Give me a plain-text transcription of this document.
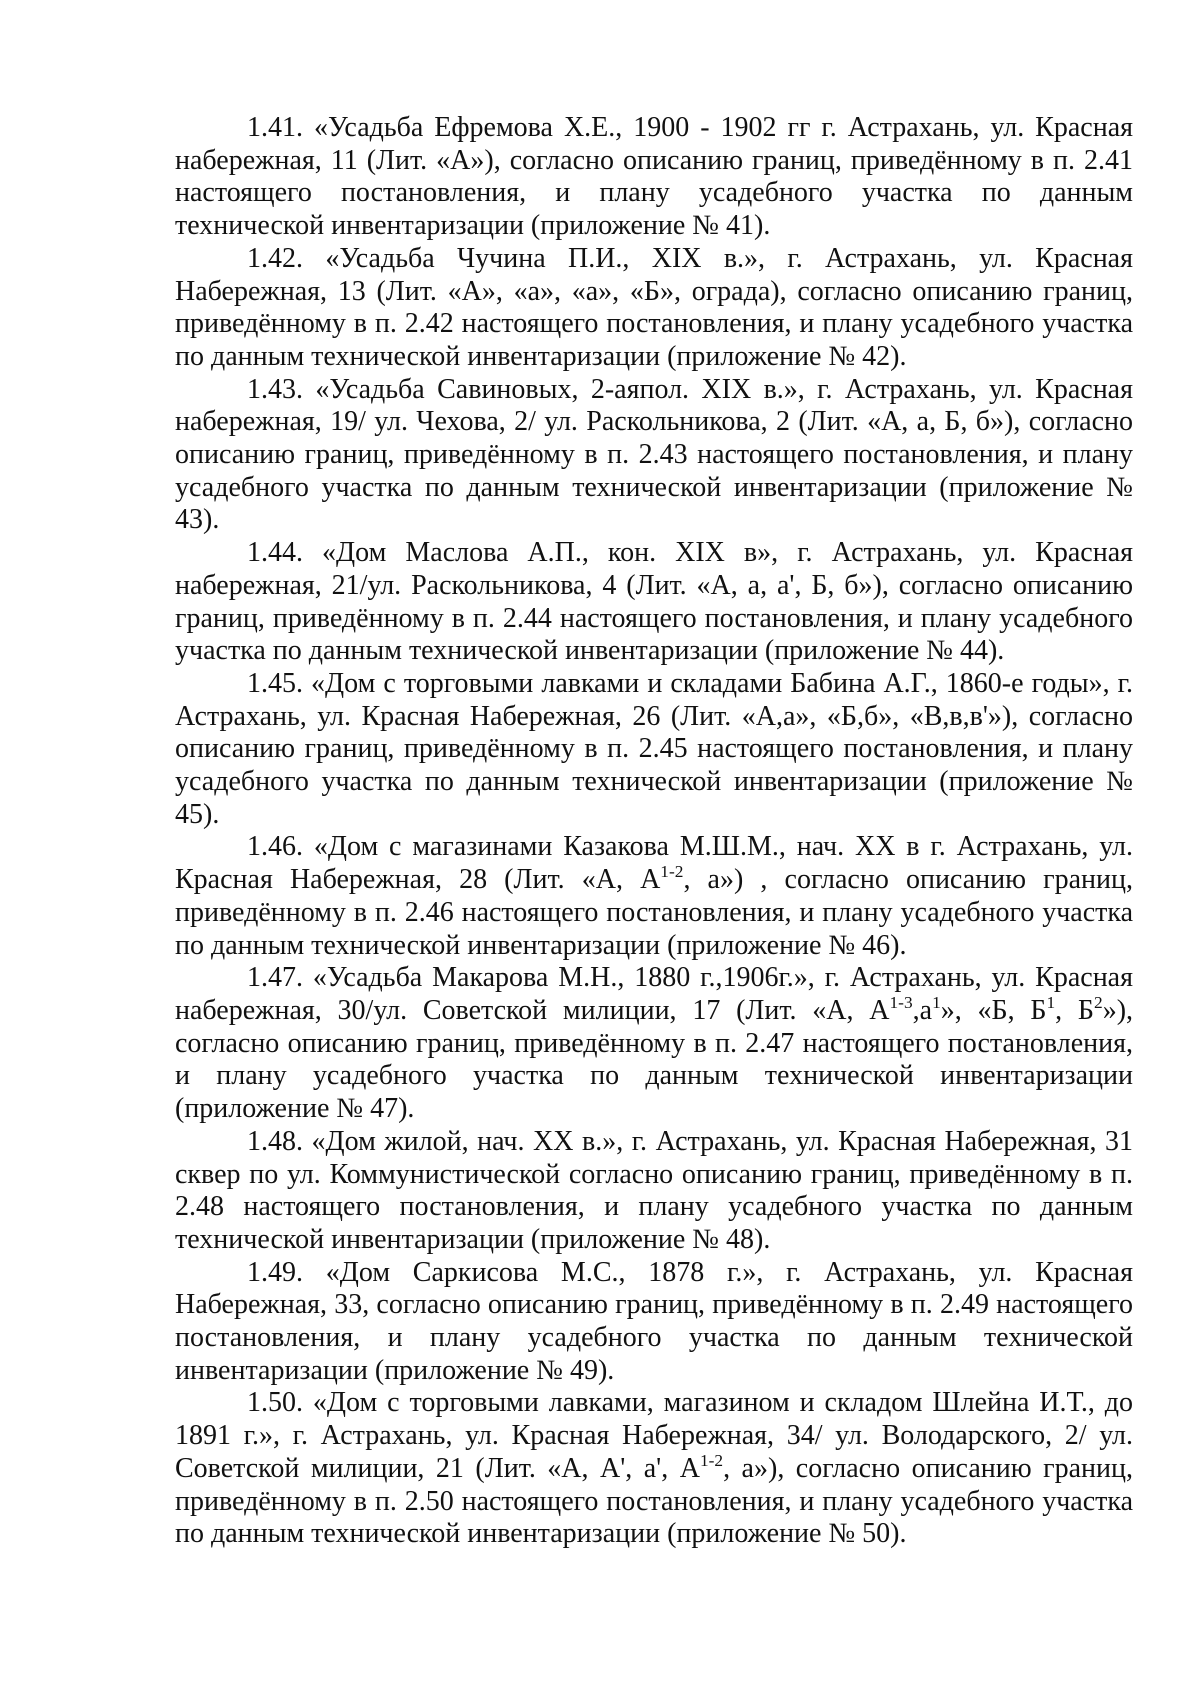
1.41. «Усадьба Ефремова Х.Е., 1900 - 1902 гг г. Астрахань, ул. Красная набережная, 11 (Лит. «А»), согласно описанию границ, приведённому в п. 2.41 настоящего постановления, и плану усадебного участка по данным технической инвентаризации (приложение № 41).

1.42. «Усадьба Чучина П.И., XIX в.», г. Астрахань, ул. Красная Набережная, 13 (Лит. «А», «а», «а», «Б», ограда), согласно описанию границ, приведённому в п. 2.42 настоящего постановления, и плану усадебного участка по данным технической инвентаризации (приложение № 42).

1.43. «Усадьба Савиновых, 2-аяпол. XIX в.», г. Астрахань, ул. Красная набережная, 19/ ул. Чехова, 2/ ул. Раскольникова, 2 (Лит. «А, а, Б, б»), согласно описанию границ, приведённому в п. 2.43 настоящего постановления, и плану усадебного участка по данным технической инвентаризации (приложение № 43).

1.44. «Дом Маслова А.П., кон. XIX в», г. Астрахань, ул. Красная набережная, 21/ул. Раскольникова, 4 (Лит. «А, а, а', Б, б»), согласно описанию границ, приведённому в п. 2.44 настоящего постановления, и плану усадебного участка по данным технической инвентаризации (приложение № 44).

1.45. «Дом с торговыми лавками и складами Бабина А.Г., 1860-е годы», г. Астрахань, ул. Красная Набережная, 26 (Лит. «А,а», «Б,б», «В,в,в'»), согласно описанию границ, приведённому в п. 2.45 настоящего постановления, и плану усадебного участка по данным технической инвентаризации (приложение № 45).

1.46. «Дом с магазинами Казакова М.Ш.М., нач. XX в г. Астрахань, ул. Красная Набережная, 28 (Лит. «А, $А^{1-2}$, а») , согласно описанию границ, приведённому в п. 2.46 настоящего постановления, и плану усадебного участка по данным технической инвентаризации (приложение № 46).

1.47. «Усадьба Макарова М.Н., 1880 г.,1906г.», г. Астрахань, ул. Красная набережная, 30/ул. Советской милиции, 17 (Лит. «А, $А^{1-3},а^1$», «Б, $Б^1$, $Б^2$»), согласно описанию границ, приведённому в п. 2.47 настоящего постановления, и плану усадебного участка по данным технической инвентаризации (приложение № 47).

1.48. «Дом жилой, нач. XX в.», г. Астрахань, ул. Красная Набережная, 31 сквер по ул. Коммунистической согласно описанию границ, приведённому в п. 2.48 настоящего постановления, и плану усадебного участка по данным технической инвентаризации (приложение № 48).

1.49. «Дом Саркисова М.С., 1878 г.», г. Астрахань, ул. Красная Набережная, 33, согласно описанию границ, приведённому в п. 2.49 настоящего постановления, и плану усадебного участка по данным технической инвентаризации (приложение № 49).

1.50. «Дом с торговыми лавками, магазином и складом Шлейна И.Т., до 1891 г.», г. Астрахань, ул. Красная Набережная, 34/ ул. Володарского, 2/ ул. Советской милиции, 21 (Лит. «А, А', а', $А^{1-2}$, а»), согласно описанию границ, приведённому в п. 2.50 настоящего постановления, и плану усадебного участка по данным технической инвентаризации (приложение № 50).
